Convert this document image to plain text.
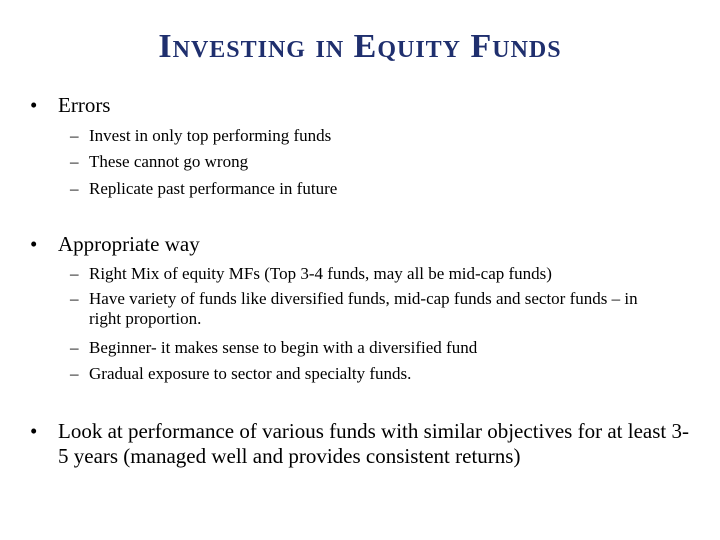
Investing in Equity Funds
• Errors
– Invest in only top performing funds
– These cannot go wrong
– Replicate past performance in future
• Appropriate way
– Right Mix of equity MFs (Top 3-4 funds, may all be mid-cap funds)
– Have variety of funds like diversified funds, mid-cap funds and sector funds – in right proportion.
– Beginner- it makes sense to begin with a diversified fund
– Gradual exposure to sector and specialty funds.
• Look at performance of various funds with similar objectives for at least 3-5 years (managed well and provides consistent returns)
